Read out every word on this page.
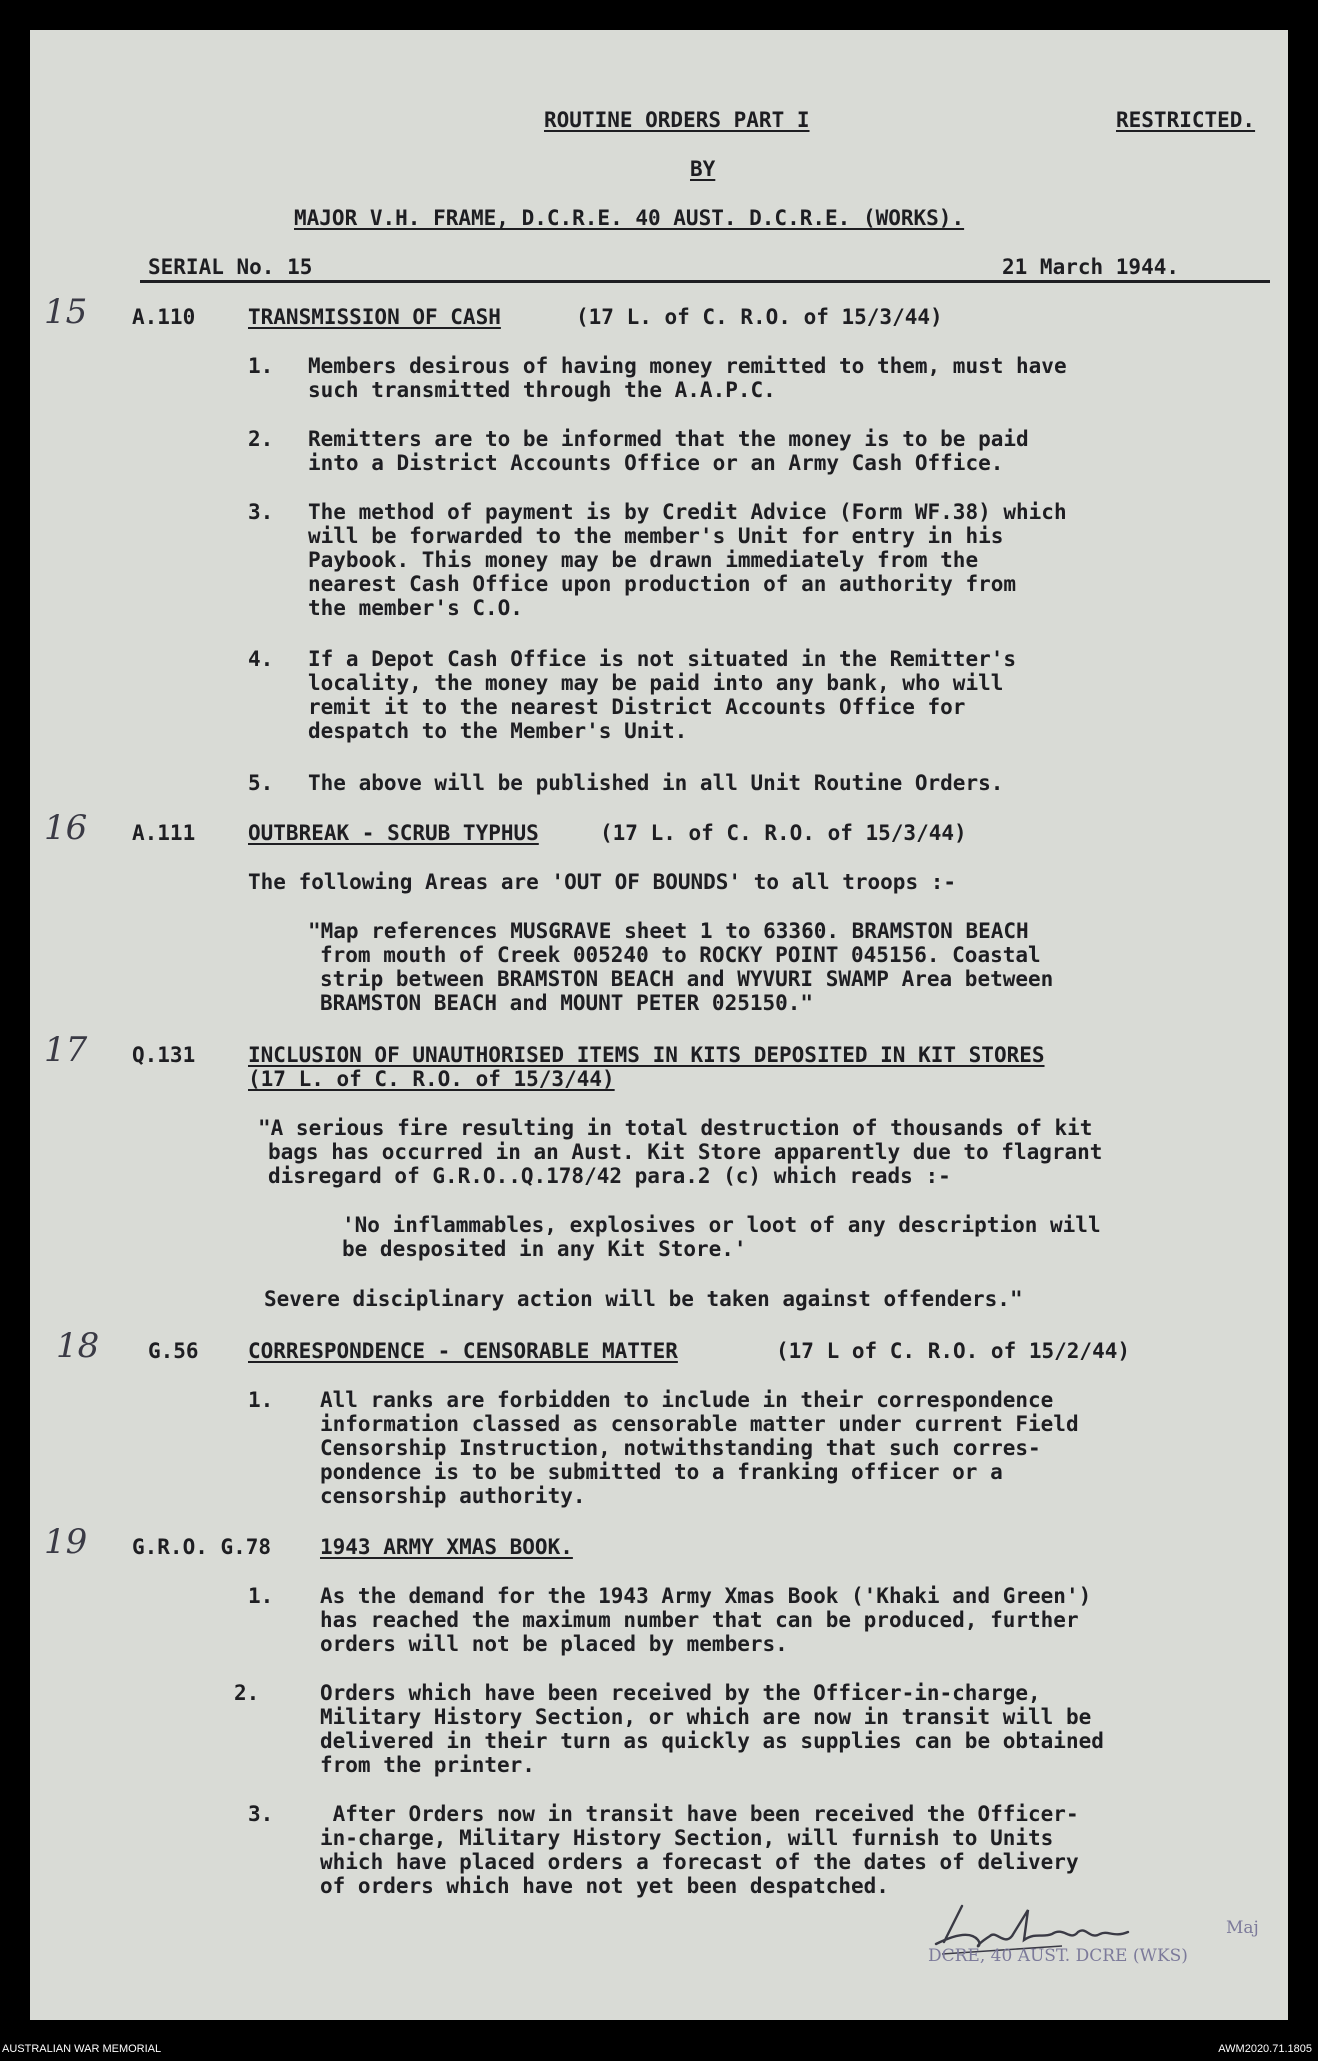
ROUTINE ORDERS PART I	RESTRICTED.
BY
MAJOR V.H. FRAME, D.C.R.E. 40 AUST. D.C.R.E. (WORKS).
SERIAL No. 15	21 March 1944.
15 A.110	TRANSMISSION OF CASH	(17 L. of C. R.O. of 15/3/44)
1. Members desirous of having money remitted to them, must have
such transmitted through the A.A.P.C.
2. Remitters are to be informed that the money is to be paid
into a District Accounts Office or an Army Cash Office.
3. The method of payment is by Credit Advice (Form WF.38) which
will be forwarded to the member's Unit for entry in his
Paybook. This money may be drawn immediately from the
nearest Cash Office upon production of an authority from
the member's C.O.
4. If a Depot Cash Office is not situated in the Remitter's
locality, the money may be paid into any bank, who will
remit it to the nearest District Accounts Office for
despatch to the Member's Unit.
5. The above will be published in all Unit Routine Orders.
16 A.111	OUTBREAK - SCRUB TYPHUS	(17 L. of C. R.O. of 15/3/44)
The following Areas are 'OUT OF BOUNDS' to all troops :-
"Map references MUSGRAVE sheet 1 to 63360. BRAMSTON BEACH
from mouth of Creek 005240 to ROCKY POINT 045156. Coastal
strip between BRAMSTON BEACH and WYVURI SWAMP Area between
BRAMSTON BEACH and MOUNT PETER 025150."
17 Q.131	INCLUSION OF UNAUTHORISED ITEMS IN KITS DEPOSITED IN KIT STORES
(17 L. of C. R.O. of 15/3/44)
"A serious fire resulting in total destruction of thousands of kit
bags has occurred in an Aust. Kit Store apparently due to flagrant
disregard of G.R.O..Q.178/42 para.2 (c) which reads :-
'No inflammables, explosives or loot of any description will
be desposited in any Kit Store.'
Severe disciplinary action will be taken against offenders."
18 G.56 CORRESPONDENCE - CENSORABLE MATTER	(17 L of C. R.O. of 15/2/44)
1. All ranks are forbidden to include in their correspondence
information classed as censorable matter under current Field
Censorship Instruction, notwithstanding that such corres-
pondence is to be submitted to a franking officer or a
censorship authority.
19 G.R.O. G.78 1943 ARMY XMAS BOOK.
1. As the demand for the 1943 Army Xmas Book ('Khaki and Green')
has reached the maximum number that can be produced, further
orders will not be placed by members.
2.	Orders which have been received by the Officer-in-charge,
Military History Section, or which are now in transit will be
delivered in their turn as quickly as supplies can be obtained
from the printer.
3. After Orders now in transit have been received the Officer-
in-charge, Military History Section, will furnish to Units
which have placed orders a forecast of the dates of delivery
of orders which have not yet been despatched.
Maj
DCRE, 40 AUST. DCRE (WKS)
AUSTRALIAN WAR MEMORIAL	AWM2020.71.1805
